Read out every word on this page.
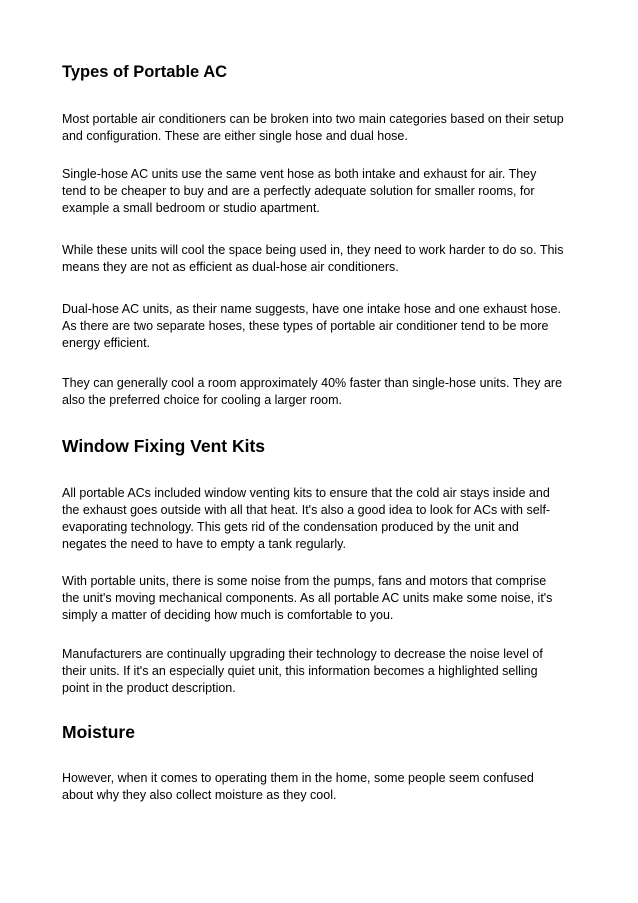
Types of Portable AC

Most portable air conditioners can be broken into two main categories based on their setup
and configuration. These are either single hose and dual hose.

Single-hose AC units use the same vent hose as both intake and exhaust for air. They
tend to be cheaper to buy and are a perfectly adequate solution for smaller rooms, for
example a small bedroom or studio apartment.

While these units will cool the space being used in, they need to work harder to do so. This
means they are not as efficient as dual-hose air conditioners.

Dual-hose AC units, as their name suggests, have one intake hose and one exhaust hose.
As there are two separate hoses, these types of portable air conditioner tend to be more
energy efficient.

They can generally cool a room approximately 40% faster than single-hose units. They are
also the preferred choice for cooling a larger room.

Window Fixing Vent Kits

All portable ACs included window venting kits to ensure that the cold air stays inside and
the exhaust goes outside with all that heat. It's also a good idea to look for ACs with self-
evaporating technology. This gets rid of the condensation produced by the unit and
negates the need to have to empty a tank regularly.

With portable units, there is some noise from the pumps, fans and motors that comprise
the unit's moving mechanical components. As all portable AC units make some noise, it's
simply a matter of deciding how much is comfortable to you.

Manufacturers are continually upgrading their technology to decrease the noise level of
their units. If it's an especially quiet unit, this information becomes a highlighted selling
point in the product description.

Moisture

However, when it comes to operating them in the home, some people seem confused
about why they also collect moisture as they cool.
